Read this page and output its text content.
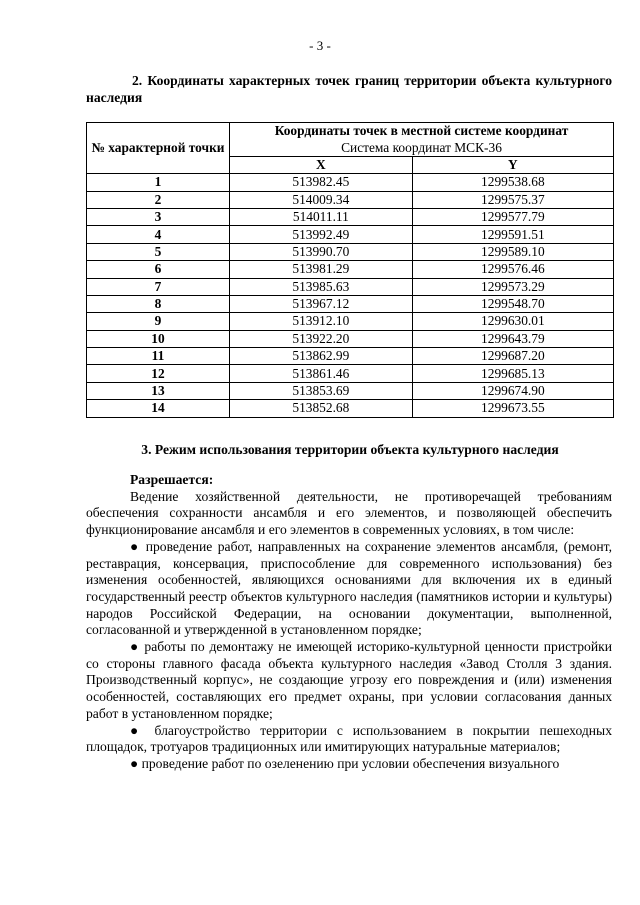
- 3 -
2. Координаты характерных точек границ территории объекта культурного наследия
№ характерной точки	Координаты точек в местной системе координат	
	Система координат МСК-36	
	X	Y
1	513982.45	1299538.68
2	514009.34	1299575.37
3	514011.11	1299577.79
4	513992.49	1299591.51
5	513990.70	1299589.10
6	513981.29	1299576.46
7	513985.63	1299573.29
8	513967.12	1299548.70
9	513912.10	1299630.01
10	513922.20	1299643.79
11	513862.99	1299687.20
12	513861.46	1299685.13
13	513853.69	1299674.90
14	513852.68	1299673.55
3. Режим использования территории объекта культурного наследия

Разрешается:

Ведение хозяйственной деятельности, не противоречащей требованиям обеспечения сохранности ансамбля и его элементов, и позволяющей обеспечить функционирование ансамбля и его элементов в современных условиях, в том числе:

● проведение работ, направленных на сохранение элементов ансамбля, (ремонт, реставрация, консервация, приспособление для современного использования) без изменения особенностей, являющихся основаниями для включения их в единый государственный реестр объектов культурного наследия (памятников истории и культуры) народов Российской Федерации, на основании документации, выполненной, согласованной и утвержденной в установленном порядке;

● работы по демонтажу не имеющей историко-культурной ценности пристройки со стороны главного фасада объекта культурного наследия «Завод Столля 3 здания. Производственный корпус», не создающие угрозу его повреждения и (или) изменения особенностей, составляющих его предмет охраны, при условии согласования данных работ в установленном порядке;

● благоустройство территории с использованием в покрытии пешеходных площадок, тротуаров традиционных или имитирующих натуральные материалов;

● проведение работ по озеленению при условии обеспечения визуального
